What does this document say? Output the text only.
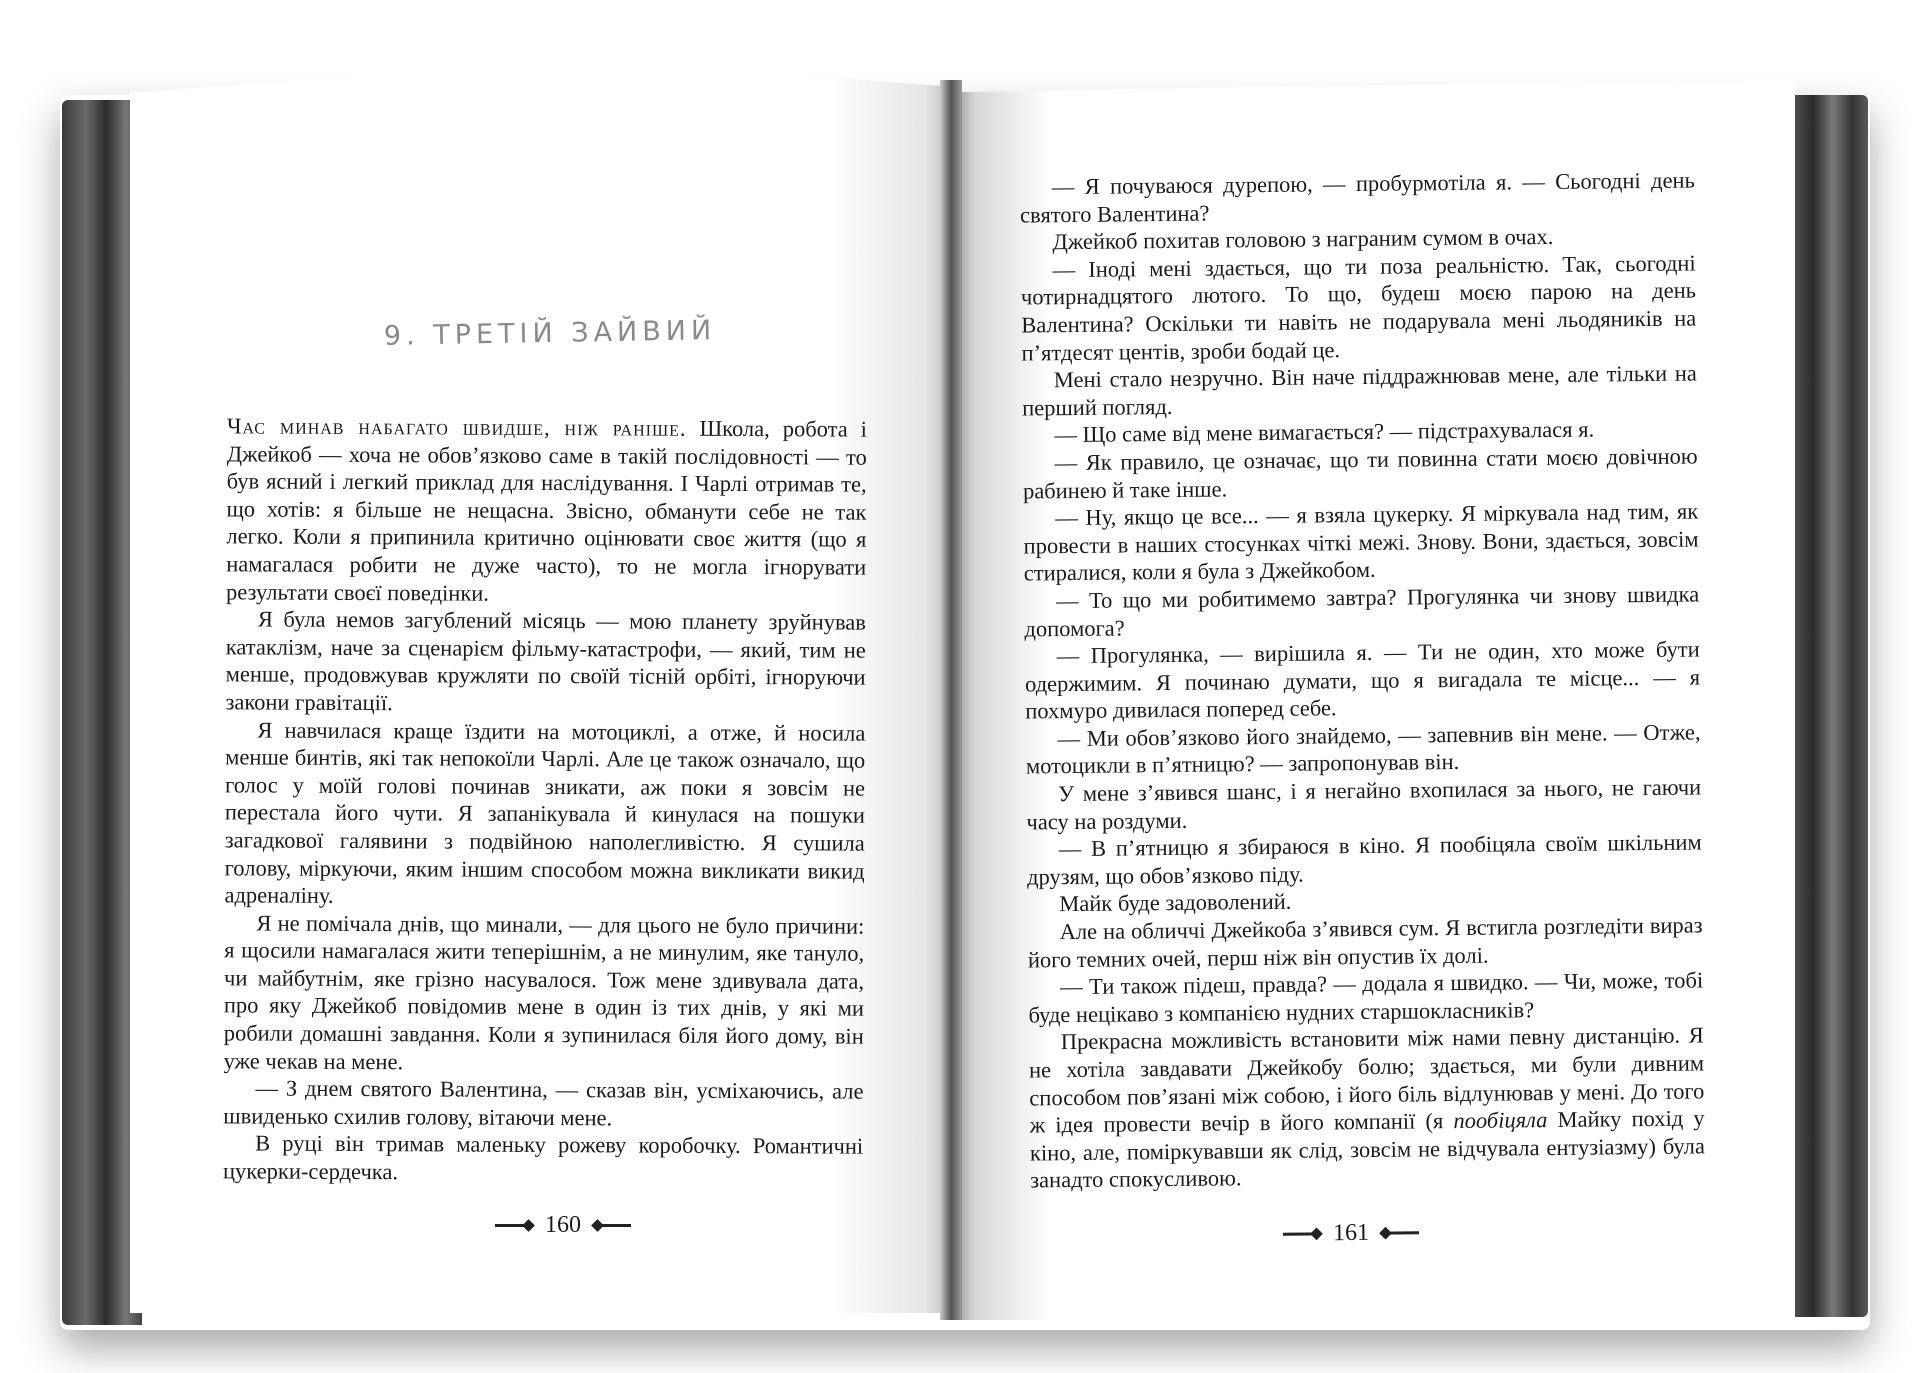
9. ТРЕТІЙ ЗАЙВИЙ

Час минав набагато швидше, ніж раніше. Школа, робота і Джейкоб — хоча не обов’язково саме в такій послідовності — то був ясний і легкий приклад для наслідування. І Чарлі отримав те, що хотів: я більше не нещасна. Звісно, обманути себе не так легко. Коли я припинила критично оцінювати своє життя (що я намагалася робити не дуже часто), то не могла ігнорувати результати своєї поведінки.

Я була немов загублений місяць — мою планету зруйнував катаклізм, наче за сценарієм фільму-катастрофи, — який, тим не менше, продовжував кружляти по своїй тісній орбіті, ігноруючи закони гравітації.

Я навчилася краще їздити на мотоциклі, а отже, й носила менше бинтів, які так непокоїли Чарлі. Але це також означало, що голос у моїй голові починав зникати, аж поки я зовсім не перестала його чути. Я запанікувала й кинулася на пошуки загадкової галявини з подвійною наполегливістю. Я сушила голову, міркуючи, яким іншим способом можна викликати викид адреналіну.

Я не помічала днів, що минали, — для цього не було причини: я щосили намагалася жити теперішнім, а не минулим, яке тануло, чи майбутнім, яке грізно насувалося. Тож мене здивувала дата, про яку Джейкоб повідомив мене в один із тих днів, у які ми робили домашні завдання. Коли я зупинилася біля його дому, він уже чекав на мене.

— З днем святого Валентина, — сказав він, усміхаючись, але швиденько схилив голову, вітаючи мене.

В руці він тримав маленьку рожеву коробочку. Романтичні цукерки-сердечка.

160

— Я почуваюся дурепою, — пробурмотіла я. — Сьогодні день святого Валентина?

Джейкоб похитав головою з награним сумом в очах.

— Іноді мені здається, що ти поза реальністю. Так, сьогодні чотирнадцятого лютого. То що, будеш моєю парою на день Валентина? Оскільки ти навіть не подарувала мені льодяників на п’ятдесят центів, зроби бодай це.

Мені стало незручно. Він наче піддражнював мене, але тільки на перший погляд.

— Що саме від мене вимагається? — підстрахувалася я.

— Як правило, це означає, що ти повинна стати моєю довічною рабинею й таке інше.

— Ну, якщо це все... — я взяла цукерку. Я міркувала над тим, як провести в наших стосунках чіткі межі. Знову. Вони, здається, зовсім стиралися, коли я була з Джейкобом.

— То що ми робитимемо завтра? Прогулянка чи знову швидка допомога?

— Прогулянка, — вирішила я. — Ти не один, хто може бути одержимим. Я починаю думати, що я вигадала те місце... — я похмуро дивилася поперед себе.

— Ми обов’язково його знайдемо, — запевнив він мене. — Отже, мотоцикли в п’ятницю? — запропонував він.

У мене з’явився шанс, і я негайно вхопилася за нього, не гаючи часу на роздуми.

— В п’ятницю я збираюся в кіно. Я пообіцяла своїм шкільним друзям, що обов’язково піду.

Майк буде задоволений.

Але на обличчі Джейкоба з’явився сум. Я встигла розгледіти вираз його темних очей, перш ніж він опустив їх долі.

— Ти також підеш, правда? — додала я швидко. — Чи, може, тобі буде нецікаво з компанією нудних старшокласників?

Прекрасна можливість встановити між нами певну дистанцію. Я не хотіла завдавати Джейкобу болю; здається, ми були дивним способом пов’язані між собою, і його біль відлунював у мені. До того ж ідея провести вечір в його компанії (я пообіцяла Майку похід у кіно, але, поміркувавши як слід, зовсім не відчувала ентузіазму) була занадто спокусливою.

161
